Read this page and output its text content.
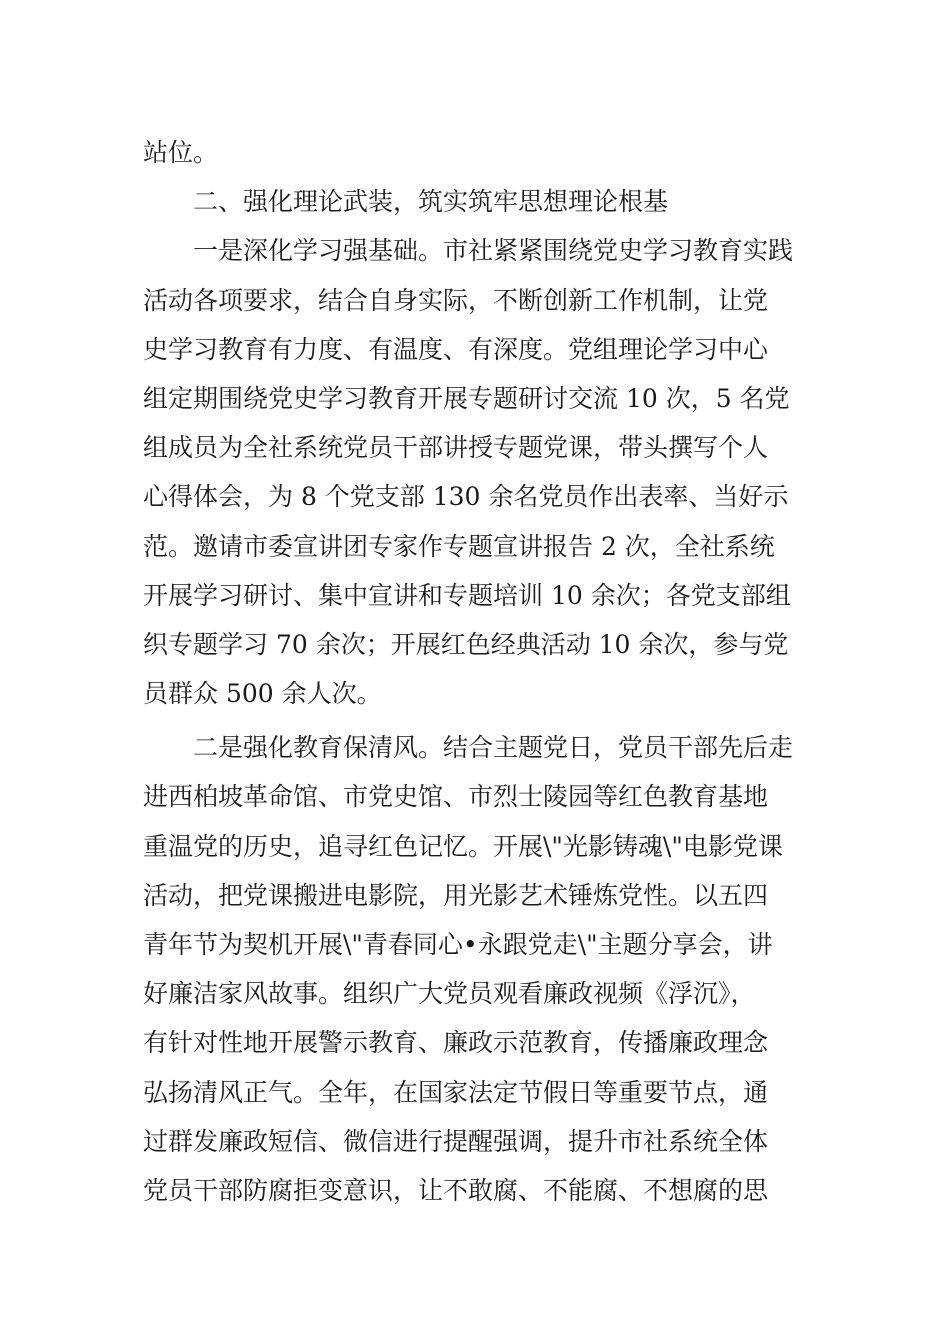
站位。
二、强化理论武装，筑实筑牢思想理论根基
一是深化学习强基础。市社紧紧围绕党史学习教育实践
活动各项要求，结合自身实际，不断创新工作机制，让党
史学习教育有力度、有温度、有深度。党组理论学习中心
组定期围绕党史学习教育开展专题研讨交流 10 次，5 名党
组成员为全社系统党员干部讲授专题党课，带头撰写个人
心得体会，为 8 个党支部 130 余名党员作出表率、当好示
范。邀请市委宣讲团专家作专题宣讲报告 2 次，全社系统
开展学习研讨、集中宣讲和专题培训 10 余次；各党支部组
织专题学习 70 余次；开展红色经典活动 10 余次，参与党
员群众 500 余人次。
二是强化教育保清风。结合主题党日，党员干部先后走
进西柏坡革命馆、市党史馆、市烈士陵园等红色教育基地
重温党的历史，追寻红色记忆。开展\"光影铸魂\"电影党课
活动，把党课搬进电影院，用光影艺术锤炼党性。以五四
青年节为契机开展\"青春同心•永跟党走\"主题分享会，讲
好廉洁家风故事。组织广大党员观看廉政视频《浮沉》，
有针对性地开展警示教育、廉政示范教育，传播廉政理念
弘扬清风正气。全年，在国家法定节假日等重要节点，通
过群发廉政短信、微信进行提醒强调，提升市社系统全体
党员干部防腐拒变意识，让不敢腐、不能腐、不想腐的思
